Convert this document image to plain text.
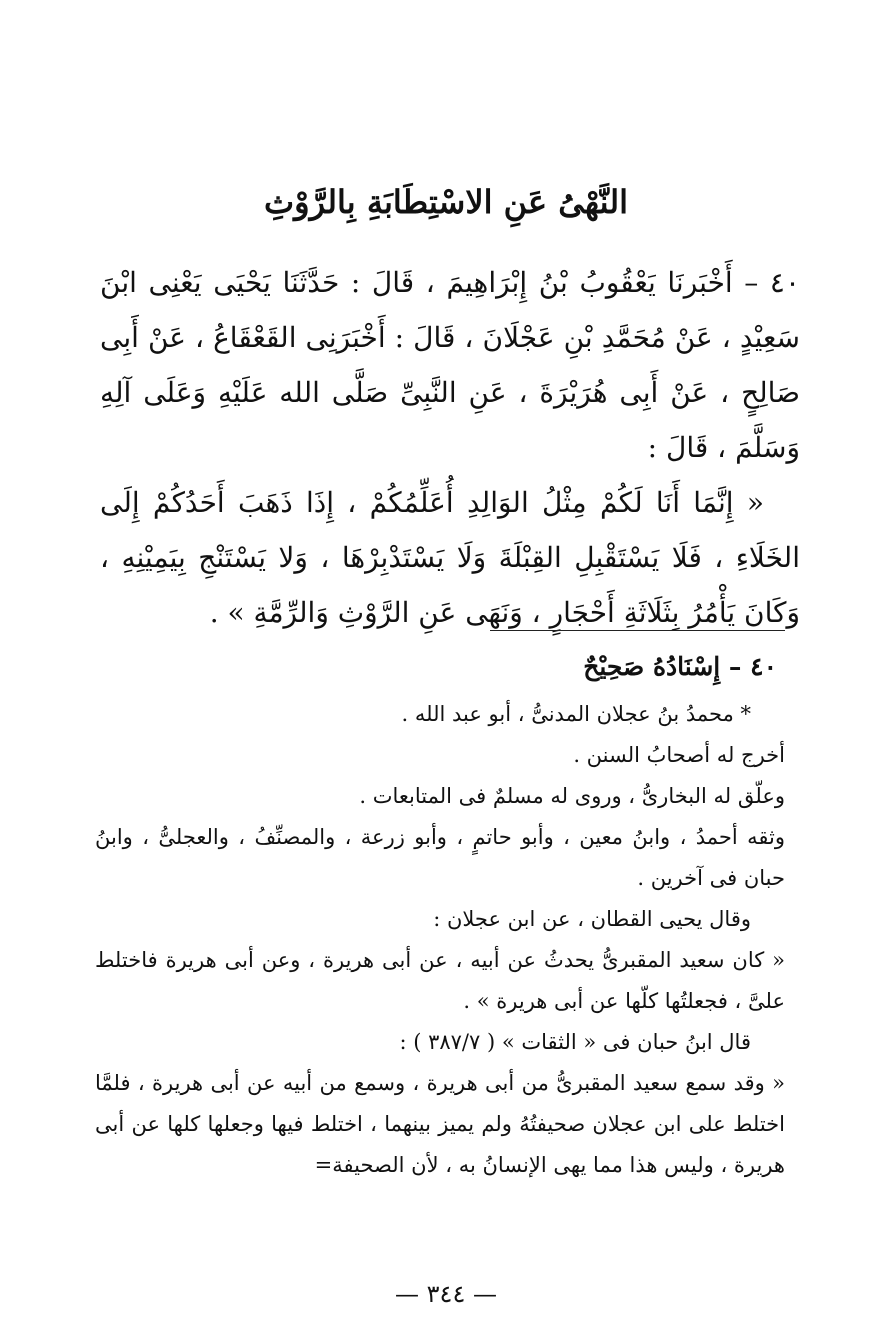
النَّهْىُ عَنِ الاسْتِطَابَةِ بِالرَّوْثِ

٤٠ – أَخْبَرنَا يَعْقُوبُ بْنُ إِبْرَاهِيمَ ، قَالَ : حَدَّثَنَا يَحْيَى يَعْنِى ابْنَ سَعِيْدٍ ، عَنْ مُحَمَّدِ بْنِ عَجْلَانَ ، قَالَ : أَخْبَرَنِى القَعْقَاعُ ، عَنْ أَبِى صَالِحٍ ، عَنْ أَبِى هُرَيْرَةَ ، عَنِ النَّبِىِّ صَلَّى الله عَلَيْهِ وَعَلَى آلِهِ وَسَلَّمَ ، قَالَ :

« إِنَّمَا أَنَا لَكُمْ مِثْلُ الوَالِدِ أُعَلِّمُكُمْ ، إِذَا ذَهَبَ أَحَدُكُمْ إِلَى الخَلَاءِ ، فَلَا يَسْتَقْبِلِ القِبْلَةَ وَلَا يَسْتَدْبِرْهَا ، وَلا يَسْتَنْجِ بِيَمِيْنِهِ ، وَكَانَ يَأْمُرُ بِثَلَاثَةِ أَحْجَارٍ ، وَنَهَى عَنِ الرَّوْثِ وَالرِّمَّةِ » .

٤٠ – إِسْنَادُهُ صَحِيْحٌ

* محمدُ بنُ عجلان المدنىُّ ، أبو عبد الله .

أخرج له أصحابُ السنن .

وعلّق له البخارىُّ ، وروى له مسلمٌ فى المتابعات .

وثقه أحمدُ ، وابنُ معين ، وأبو حاتمٍ ، وأبو زرعة ، والمصنِّفُ ، والعجلىُّ ، وابنُ حبان فى آخرين .

وقال يحيى القطان ، عن ابن عجلان :

« كان سعيد المقبرىُّ يحدثُ عن أبيه ، عن أبى هريرة ، وعن أبى هريرة فاختلط علىَّ ، فجعلتُها كلّها عن أبى هريرة » .

قال ابنُ حبان فى « الثقات » ( ٣٨٧/٧ ) :

« وقد سمع سعيد المقبرىُّ من أبى هريرة ، وسمع من أبيه عن أبى هريرة ، فلمَّا اختلط على ابن عجلان صحيفتُهُ ولم يميز بينهما ، اختلط فيها وجعلها كلها عن أبى هريرة ، وليس هذا مما يهى الإنسانُ به ، لأن الصحيفة=

— ٣٤٤ —
